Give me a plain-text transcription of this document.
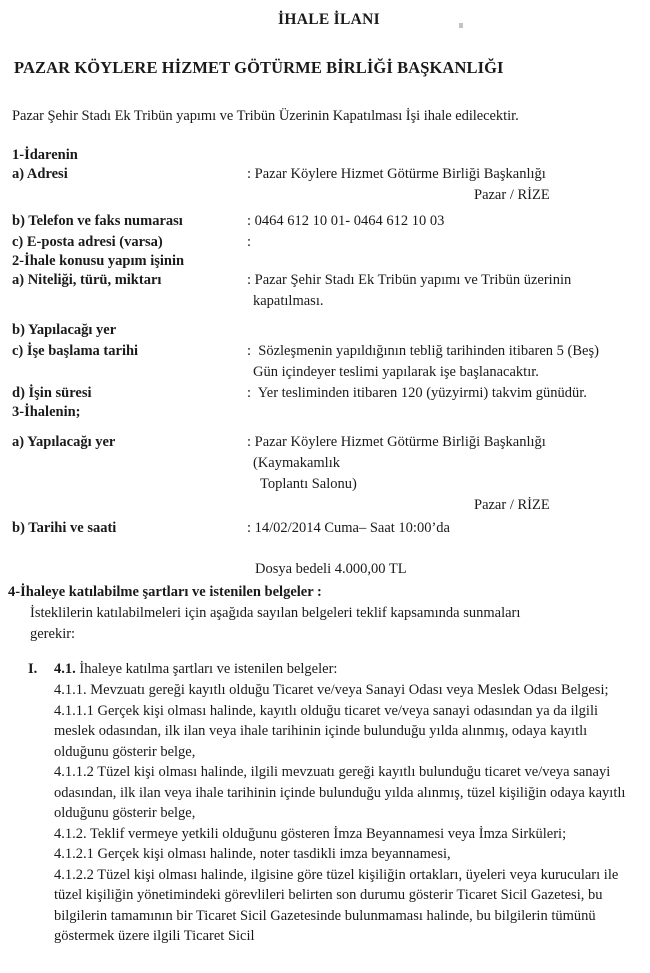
İHALE İLANI
PAZAR KÖYLERE HİZMET GÖTÜRME BİRLİĞİ BAŞKANLIĞI
Pazar Şehir Stadı Ek Tribün yapımı ve Tribün Üzerinin Kapatılması İşi ihale edilecektir.
1-İdarenin
a) Adresi	: Pazar Köylere Hizmet Götürme Birliği Başkanlığı
Pazar / RİZE
b) Telefon ve faks numarası	: 0464 612 10 01- 0464 612 10 03
c) E-posta adresi (varsa)	:
2-İhale konusu yapım işinin
a) Niteliği, türü, miktarı	: Pazar Şehir Stadı Ek Tribün yapımı ve Tribün üzerinin
kapatılması.
b) Yapılacağı yer
c) İşe başlama tarihi	:  Sözleşmenin yapıldığının tebliğ tarihinden itibaren 5 (Beş)
Gün içindeyer teslimi yapılarak işe başlanacaktır.
d) İşin süresi	:  Yer tesliminden itibaren 120 (yüzyirmi) takvim günüdür.
3-İhalenin;
a) Yapılacağı yer	: Pazar Köylere Hizmet Götürme Birliği Başkanlığı
(Kaymakamlık
Toplantı Salonu)
Pazar / RİZE
b) Tarihi ve saati	: 14/02/2014 Cuma– Saat 10:00’da
Dosya bedeli 4.000,00 TL
4-İhaleye katılabilme şartları ve istenilen belgeler :
İsteklilerin katılabilmeleri için aşağıda sayılan belgeleri teklif kapsamında sunmaları
gerekir:
I.	4.1. İhaleye katılma şartları ve istenilen belgeler:
4.1.1. Mevzuatı gereği kayıtlı olduğu Ticaret ve/veya Sanayi Odası veya Meslek Odası Belgesi;
4.1.1.1 Gerçek kişi olması halinde, kayıtlı olduğu ticaret ve/veya sanayi odasından ya da ilgili meslek odasından, ilk ilan veya ihale tarihinin içinde bulunduğu yılda alınmış, odaya kayıtlı olduğunu gösterir belge,
4.1.1.2 Tüzel kişi olması halinde, ilgili mevzuatı gereği kayıtlı bulunduğu ticaret ve/veya sanayi odasından, ilk ilan veya ihale tarihinin içinde bulunduğu yılda alınmış, tüzel kişiliğin odaya kayıtlı olduğunu gösterir belge,
4.1.2. Teklif vermeye yetkili olduğunu gösteren İmza Beyannamesi veya İmza Sirküleri;
4.1.2.1 Gerçek kişi olması halinde, noter tasdikli imza beyannamesi,
4.1.2.2 Tüzel kişi olması halinde, ilgisine göre tüzel kişiliğin ortakları, üyeleri veya kurucuları ile tüzel kişiliğin yönetimindeki görevlileri belirten son durumu gösterir Ticaret Sicil Gazetesi, bu bilgilerin tamamının bir Ticaret Sicil Gazetesinde bulunmaması halinde, bu bilgilerin tümünü göstermek üzere ilgili Ticaret Sicil
